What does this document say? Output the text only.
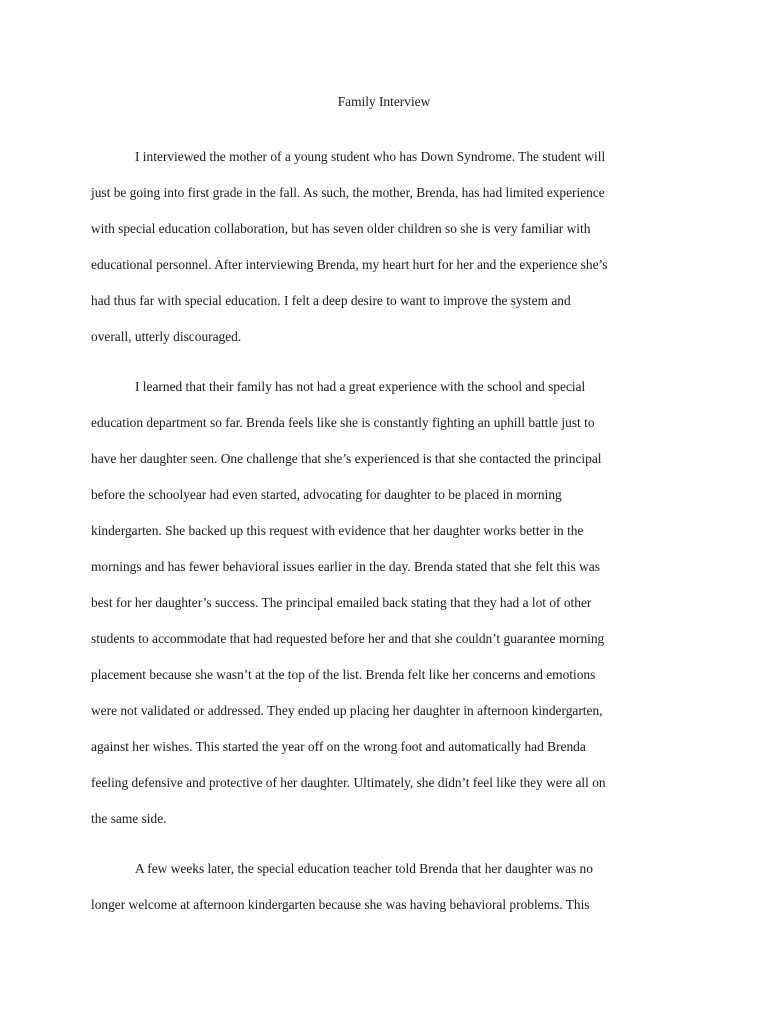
Family Interview
I interviewed the mother of a young student who has Down Syndrome. The student will
just be going into first grade in the fall. As such, the mother, Brenda, has had limited experience
with special education collaboration, but has seven older children so she is very familiar with
educational personnel. After interviewing Brenda, my heart hurt for her and the experience she’s
had thus far with special education. I felt a deep desire to want to improve the system and
overall, utterly discouraged.
I learned that their family has not had a great experience with the school and special
education department so far. Brenda feels like she is constantly fighting an uphill battle just to
have her daughter seen. One challenge that she’s experienced is that she contacted the principal
before the schoolyear had even started, advocating for daughter to be placed in morning
kindergarten. She backed up this request with evidence that her daughter works better in the
mornings and has fewer behavioral issues earlier in the day. Brenda stated that she felt this was
best for her daughter’s success. The principal emailed back stating that they had a lot of other
students to accommodate that had requested before her and that she couldn’t guarantee morning
placement because she wasn’t at the top of the list. Brenda felt like her concerns and emotions
were not validated or addressed. They ended up placing her daughter in afternoon kindergarten,
against her wishes. This started the year off on the wrong foot and automatically had Brenda
feeling defensive and protective of her daughter. Ultimately, she didn’t feel like they were all on
the same side.
A few weeks later, the special education teacher told Brenda that her daughter was no
longer welcome at afternoon kindergarten because she was having behavioral problems. This
